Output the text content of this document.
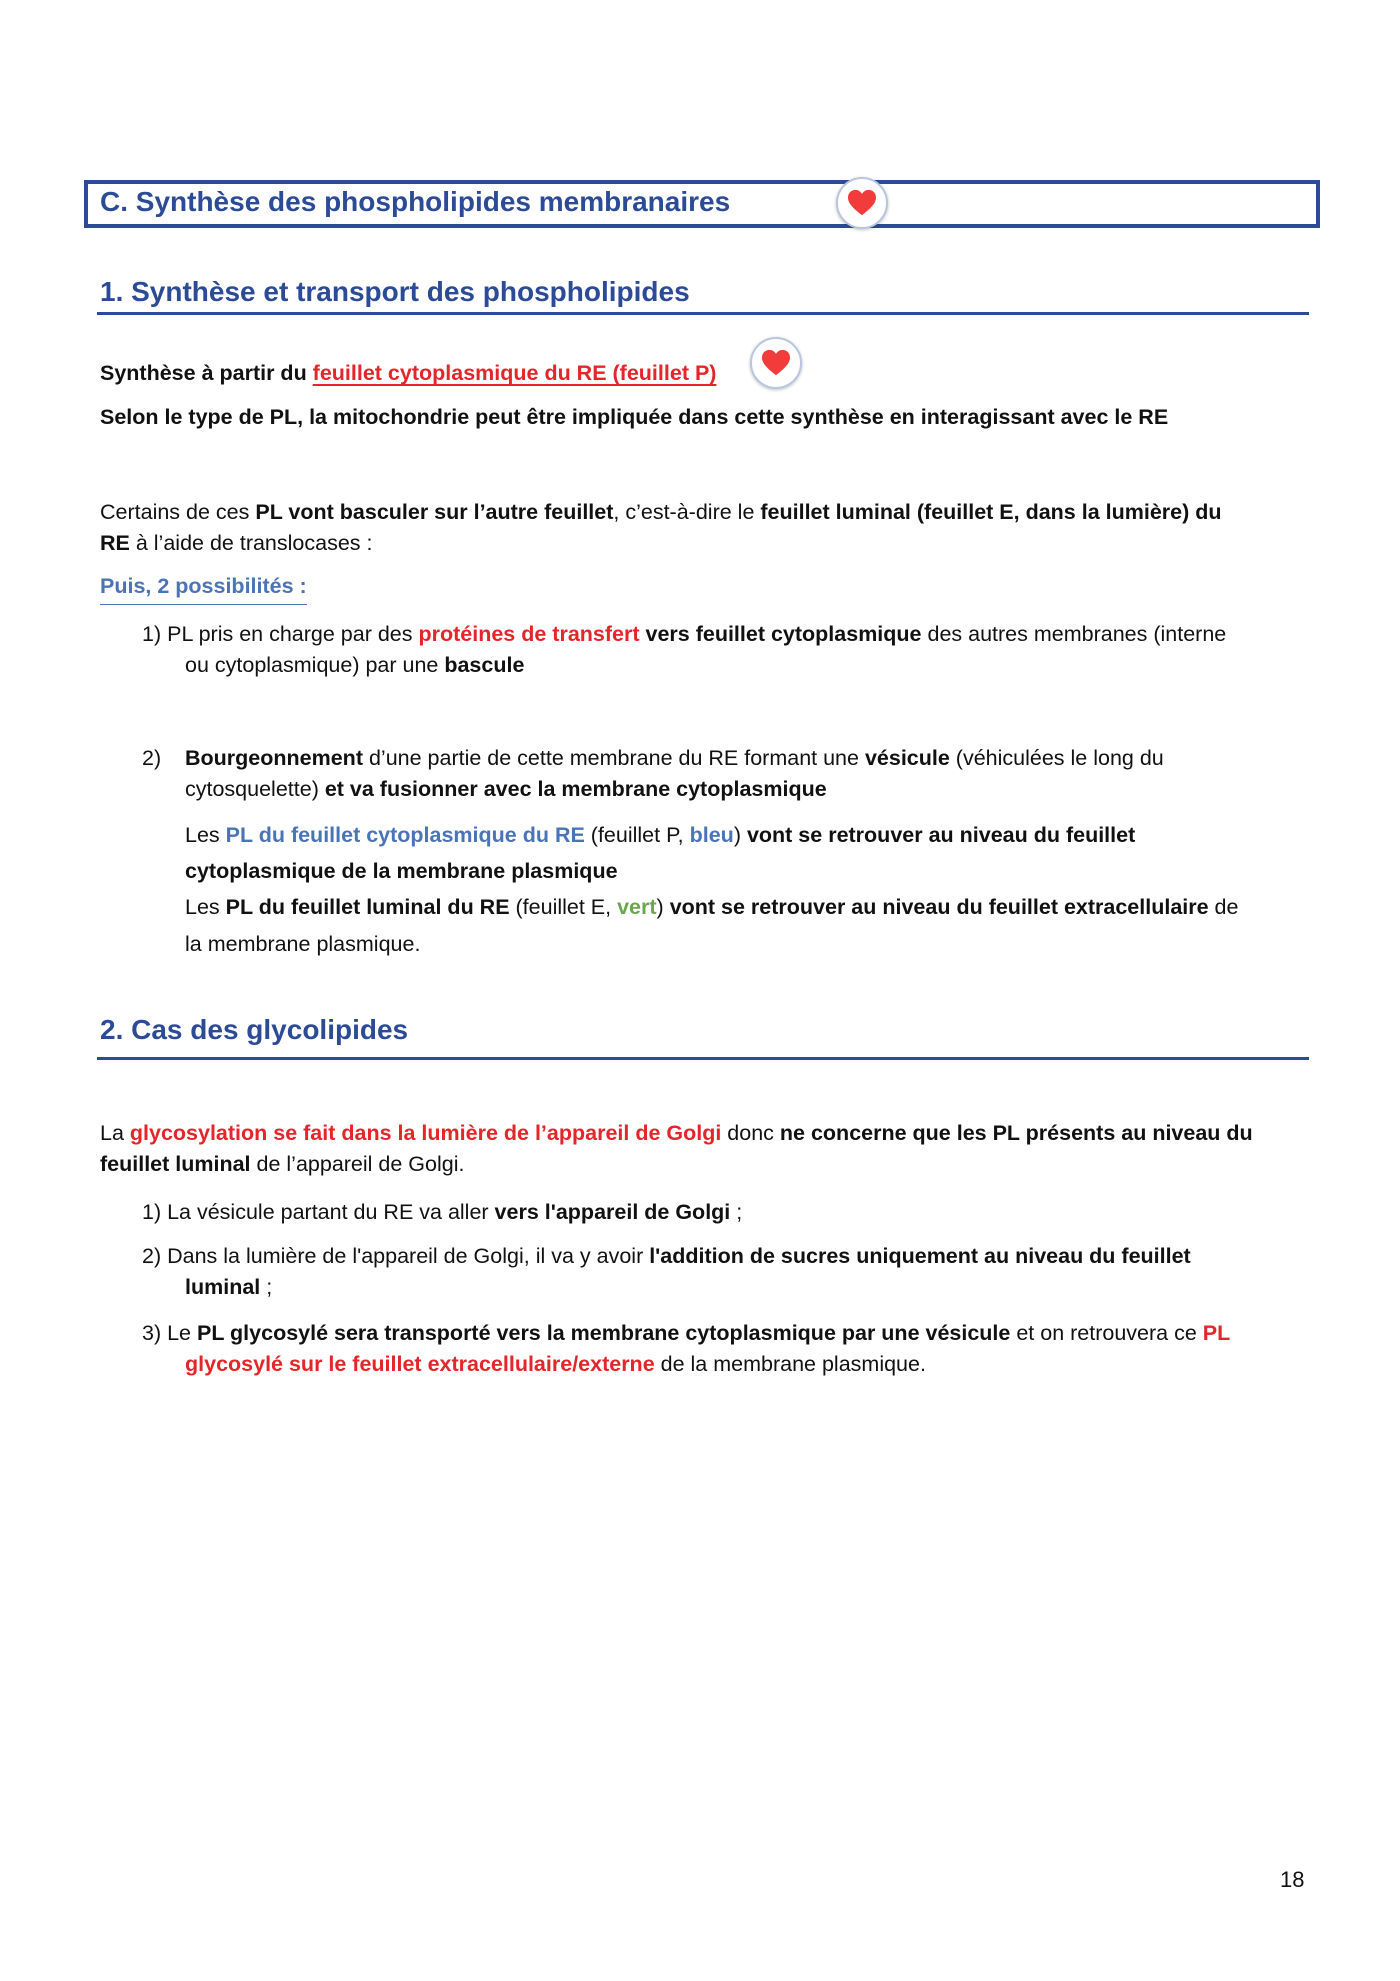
C. Synthèse des phospholipides membranaires
1. Synthèse et transport des phospholipides
Synthèse à partir du feuillet cytoplasmique du RE (feuillet P)
Selon le type de PL, la mitochondrie peut être impliquée dans cette synthèse en interagissant avec le RE
Certains de ces PL vont basculer sur l’autre feuillet, c’est-à-dire le feuillet luminal (feuillet E, dans la lumière) du
RE à l’aide de translocases :
Puis, 2 possibilités :
1) PL pris en charge par des protéines de transfert vers feuillet cytoplasmique des autres membranes (interne
ou cytoplasmique) par une bascule
2) Bourgeonnement d’une partie de cette membrane du RE formant une vésicule (véhiculées le long du
cytosquelette) et va fusionner avec la membrane cytoplasmique
Les PL du feuillet cytoplasmique du RE (feuillet P, bleu) vont se retrouver au niveau du feuillet
cytoplasmique de la membrane plasmique
Les PL du feuillet luminal du RE (feuillet E, vert) vont se retrouver au niveau du feuillet extracellulaire de
la membrane plasmique.
2. Cas des glycolipides
La glycosylation se fait dans la lumière de l’appareil de Golgi donc ne concerne que les PL présents au niveau du
feuillet luminal de l’appareil de Golgi.
1) La vésicule partant du RE va aller vers l'appareil de Golgi ;
2) Dans la lumière de l'appareil de Golgi, il va y avoir l'addition de sucres uniquement au niveau du feuillet
luminal ;
3) Le PL glycosylé sera transporté vers la membrane cytoplasmique par une vésicule et on retrouvera ce PL
glycosylé sur le feuillet extracellulaire/externe de la membrane plasmique.
18
